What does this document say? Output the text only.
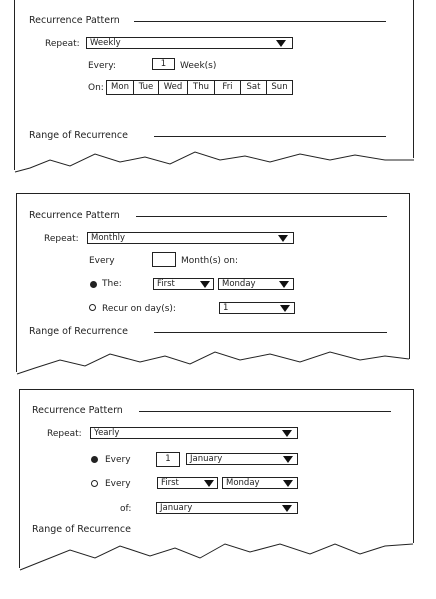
Recurrence Pattern
Repeat:	Weekly
Every:	1	Week(s)
On: Mon	Tue	Wed	Thu	Fri	Sat	Sun
Range of Recurrence
Recurrence Pattern
Repeat:	Monthly
Every	Month(s) on:
The:	First	Monday
Recur on day(s):	1
Range of Recurrence
Recurrence Pattern
Repeat:	Yearly
Every	1	January
Every	First	Monday
of:	January
Range of Recurrence
